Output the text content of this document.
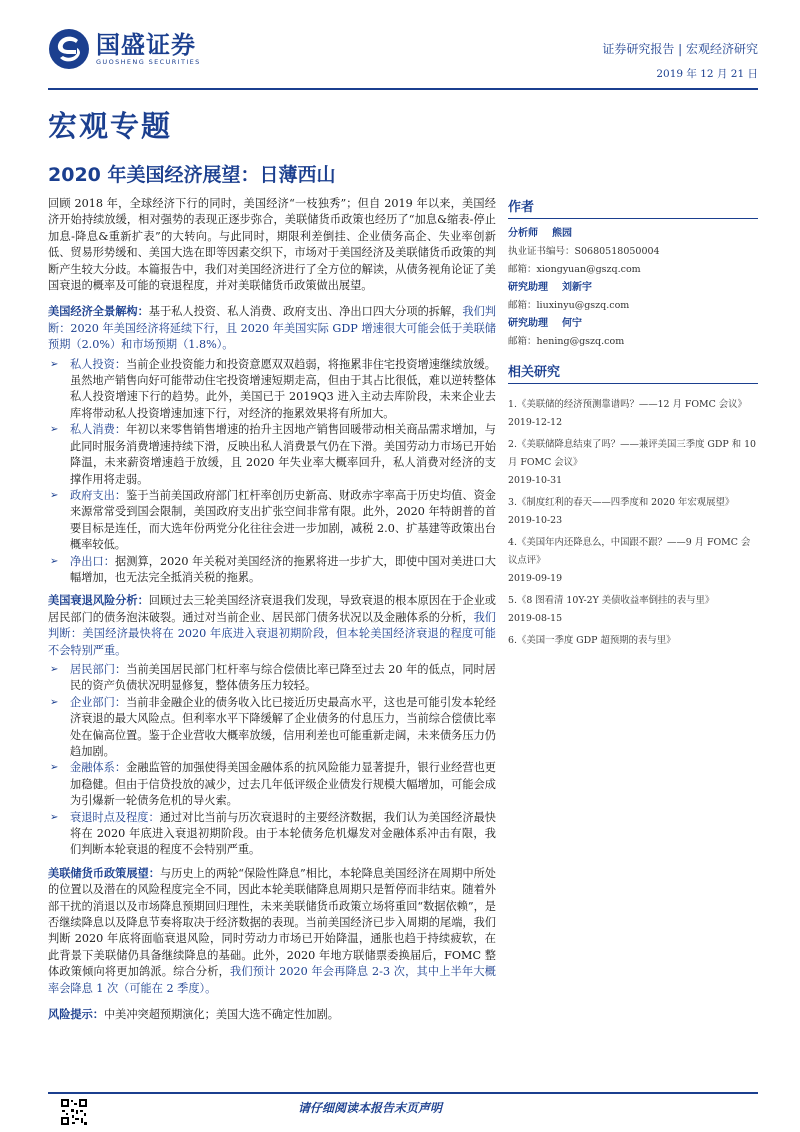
国盛证券
GUOSHENG SECURITIES
证券研究报告 | 宏观经济研究
2019 年 12 月 21 日
宏观专题
2020 年美国经济展望：日薄西山

回顾 2018 年，全球经济下行的同时，美国经济“一枝独秀”；但自 2019 年以来，美国经济开始持续放缓，相对强势的表现正逐步弥合，美联储货币政策也经历了“加息&缩表-停止加息-降息&重新扩表”的大转向。与此同时，期限利差倒挂、企业债务高企、失业率创新低、贸易形势缓和、美国大选在即等因素交织下，市场对于美国经济及美联储货币政策的判断产生较大分歧。本篇报告中，我们对美国经济进行了全方位的解读，从债务视角论证了美国衰退的概率及可能的衰退程度，并对美联储货币政策做出展望。

美国经济全景解构：基于私人投资、私人消费、政府支出、净出口四大分项的拆解，我们判断：2020 年美国经济将延续下行，且 2020 年美国实际 GDP 增速很大可能会低于美联储预期（2.0%）和市场预期（1.8%）。

➢	私人投资：当前企业投资能力和投资意愿双双趋弱，将拖累非住宅投资增速继续放缓。虽然地产销售向好可能带动住宅投资增速短期走高，但由于其占比很低，难以逆转整体私人投资增速下行的趋势。此外，美国已于 2019Q3 进入主动去库阶段，未来企业去库将带动私人投资增速加速下行，对经济的拖累效果将有所加大。
➢	私人消费：年初以来零售销售增速的抬升主因地产销售回暖带动相关商品需求增加，与此同时服务消费增速持续下滑，反映出私人消费景气仍在下滑。美国劳动力市场已开始降温，未来薪资增速趋于放缓，且 2020 年失业率大概率回升，私人消费对经济的支撑作用将走弱。
➢	政府支出：鉴于当前美国政府部门杠杆率创历史新高、财政赤字率高于历史均值、资金来源常常受到国会限制，美国政府支出扩张空间非常有限。此外，2020 年特朗普的首要目标是连任，而大选年份两党分化往往会进一步加剧，减税 2.0、扩基建等政策出台概率较低。
➢	净出口：据测算，2020 年关税对美国经济的拖累将进一步扩大，即使中国对美进口大幅增加，也无法完全抵消关税的拖累。

美国衰退风险分析：回顾过去三轮美国经济衰退我们发现，导致衰退的根本原因在于企业或居民部门的债务泡沫破裂。通过对当前企业、居民部门债务状况以及金融体系的分析，我们判断：美国经济最快将在 2020 年底进入衰退初期阶段，但本轮美国经济衰退的程度可能不会特别严重。

➢	居民部门：当前美国居民部门杠杆率与综合偿债比率已降至过去 20 年的低点，同时居民的资产负债状况明显修复，整体债务压力较轻。
➢	企业部门：当前非金融企业的债务收入比已接近历史最高水平，这也是可能引发本轮经济衰退的最大风险点。但利率水平下降缓解了企业债务的付息压力，当前综合偿债比率处在偏高位置。鉴于企业营收大概率放缓，信用利差也可能重新走阔，未来债务压力仍趋加剧。
➢	金融体系：金融监管的加强使得美国金融体系的抗风险能力显著提升，银行业经营也更加稳健。但由于信贷投放的减少，过去几年低评级企业债发行规模大幅增加，可能会成为引爆新一轮债务危机的导火索。
➢	衰退时点及程度：通过对比当前与历次衰退时的主要经济数据，我们认为美国经济最快将在 2020 年底进入衰退初期阶段。由于本轮债务危机爆发对金融体系冲击有限，我们判断本轮衰退的程度不会特别严重。

美联储货币政策展望：与历史上的两轮“保险性降息”相比，本轮降息美国经济在周期中所处的位置以及潜在的风险程度完全不同，因此本轮美联储降息周期只是暂停而非结束。随着外部干扰的消退以及市场降息预期回归理性，未来美联储货币政策立场将重回“数据依赖”，是否继续降息以及降息节奏将取决于经济数据的表现。当前美国经济已步入周期的尾端，我们判断 2020 年底将面临衰退风险，同时劳动力市场已开始降温，通胀也趋于持续疲软，在此背景下美联储仍具备继续降息的基础。此外，2020 年地方联储票委换届后，FOMC 整体政策倾向将更加鸽派。综合分析，我们预计 2020 年会再降息 2-3 次，其中上半年大概率会降息 1 次（可能在 2 季度）。

风险提示：中美冲突超预期演化；美国大选不确定性加剧。

作者
分析师 熊园
执业证书编号：S0680518050004
邮箱：xiongyuan@gszq.com
研究助理 刘新宇
邮箱：liuxinyu@gszq.com
研究助理 何宁
邮箱：hening@gszq.com
相关研究
1.《美联储的经济预测靠谱吗？——12 月 FOMC 会议》
2019-12-12
2.《美联储降息结束了吗？——兼评美国三季度 GDP 和 10 月 FOMC 会议》
2019-10-31
3.《制度红利的春天——四季度和 2020 年宏观展望》
2019-10-23
4.《美国年内还降息么，中国跟不跟？——9 月 FOMC 会议点评》
2019-09-19
5.《8 图看清 10Y-2Y 美债收益率倒挂的表与里》
2019-08-15
6.《美国一季度 GDP 超预期的表与里》
请仔细阅读本报告末页声明
